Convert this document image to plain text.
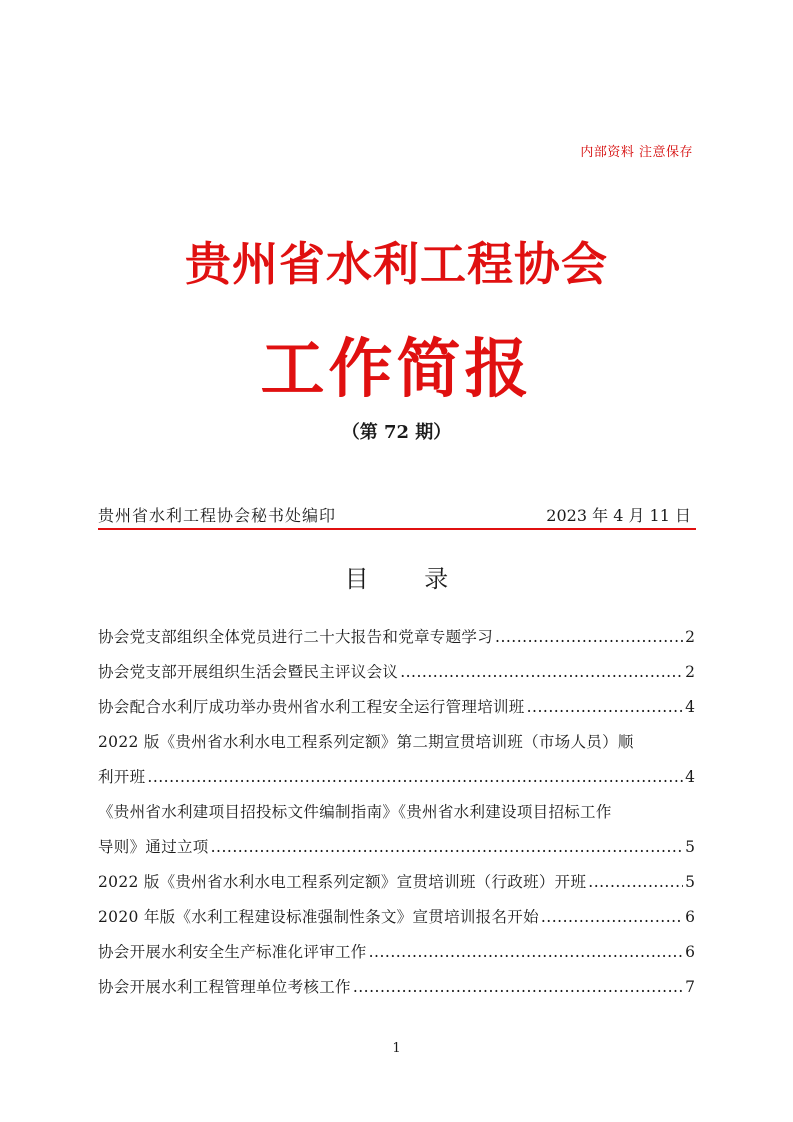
内部资料 注意保存
贵州省水利工程协会
工作简报
（第 72 期）
贵州省水利工程协会秘书处编印	2023 年 4 月 11 日
目 录
协会党支部组织全体党员进行二十大报告和党章专题学习 .....	2
协会党支部开展组织生活会暨民主评议会议 .....	2
协会配合水利厅成功举办贵州省水利工程安全运行管理培训班 .....	4
2022 版《贵州省水利水电工程系列定额》第二期宣贯培训班（市场人员）顺
利开班 .....	4
《贵州省水利建项目招投标文件编制指南》《贵州省水利建设项目招标工作
导则》通过立项 .....	5
2022 版《贵州省水利水电工程系列定额》宣贯培训班（行政班）开班 .....	5
2020 年版《水利工程建设标准强制性条文》宣贯培训报名开始 .....	6
协会开展水利安全生产标准化评审工作 .....	6
协会开展水利工程管理单位考核工作 .....	7
1
